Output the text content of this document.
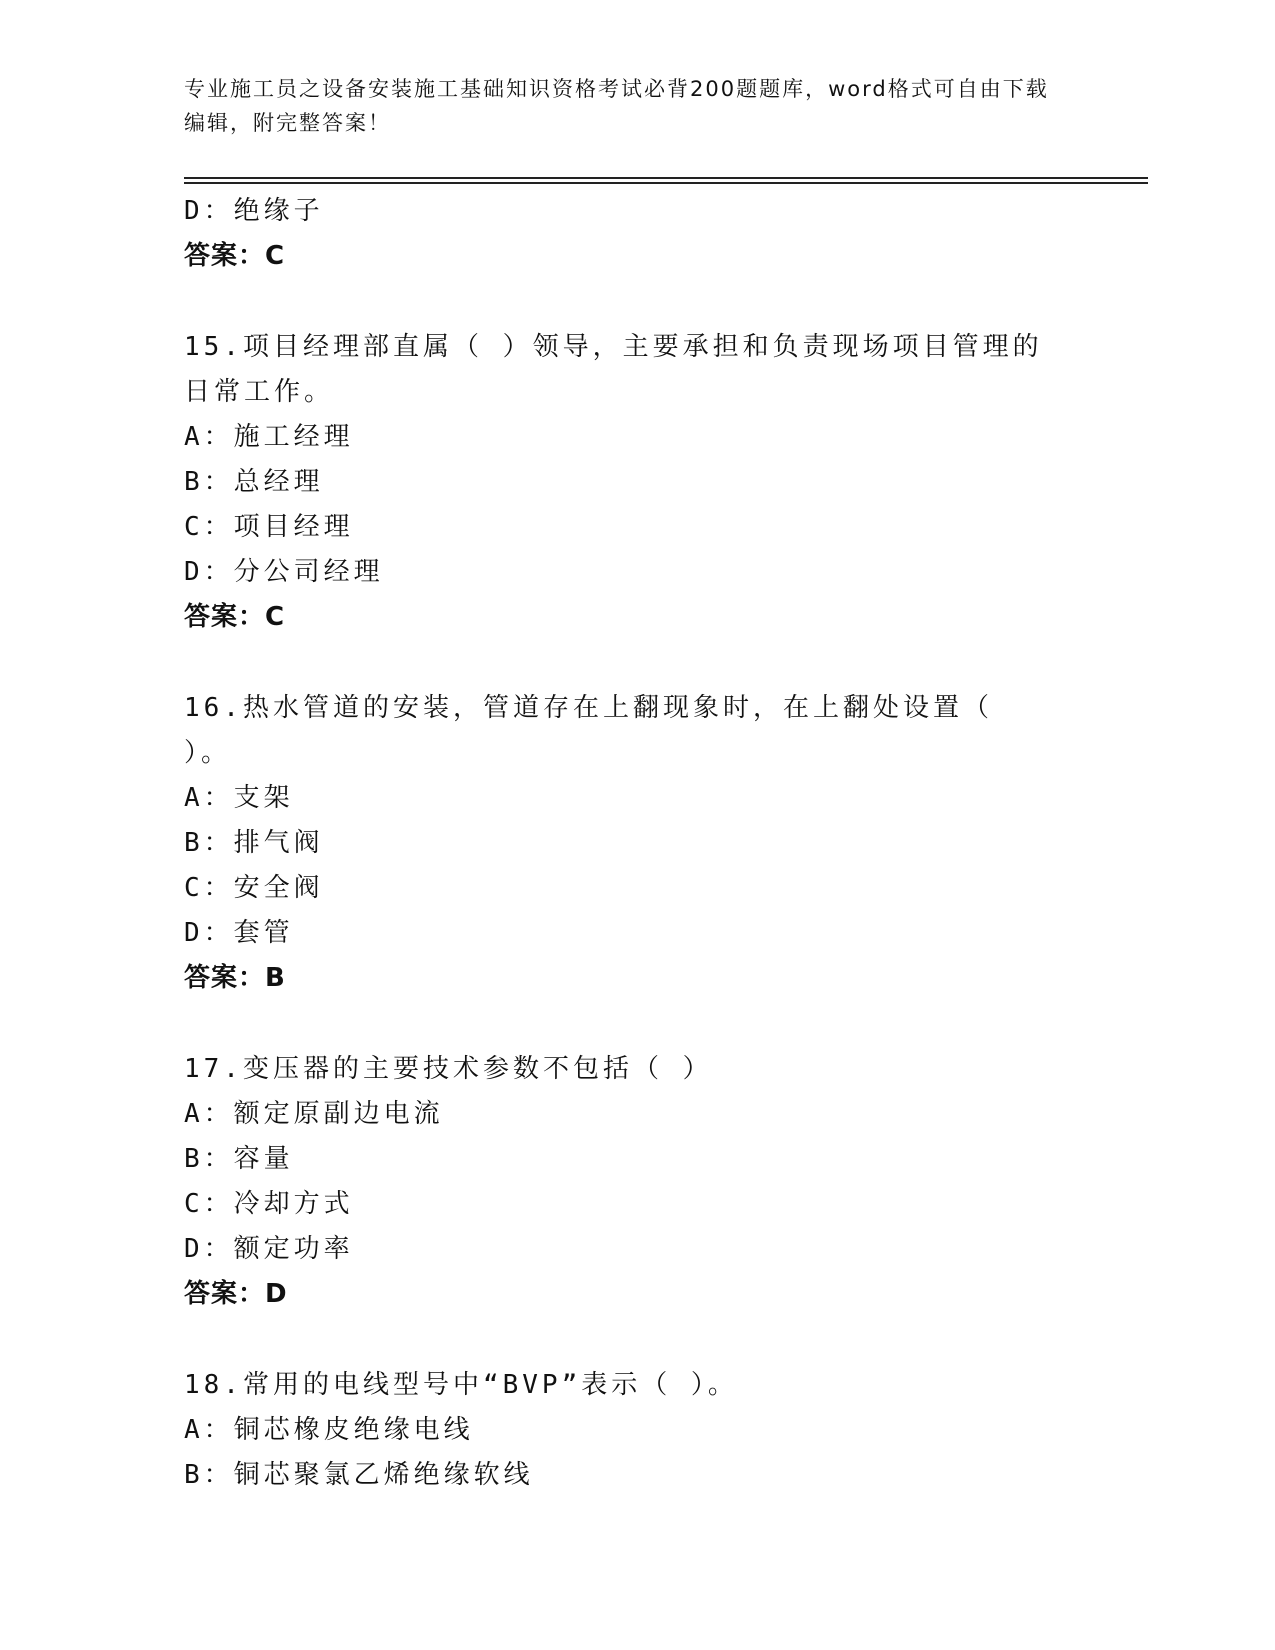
专业施工员之设备安装施工基础知识资格考试必背200题题库，word格式可自由下载编辑，附完整答案！
D：绝缘子
答案：C
15.项目经理部直属（ ）领导，主要承担和负责现场项目管理的日常工作。
A：施工经理
B：总经理
C：项目经理
D：分公司经理
答案：C
16.热水管道的安装，管道存在上翻现象时，在上翻处设置（ ）。
A：支架
B：排气阀
C：安全阀
D：套管
答案：B
17.变压器的主要技术参数不包括（ ）
A：额定原副边电流
B：容量
C：冷却方式
D：额定功率
答案：D
18.常用的电线型号中“BVP”表示（ ）。
A：铜芯橡皮绝缘电线
B：铜芯聚氯乙烯绝缘软线
